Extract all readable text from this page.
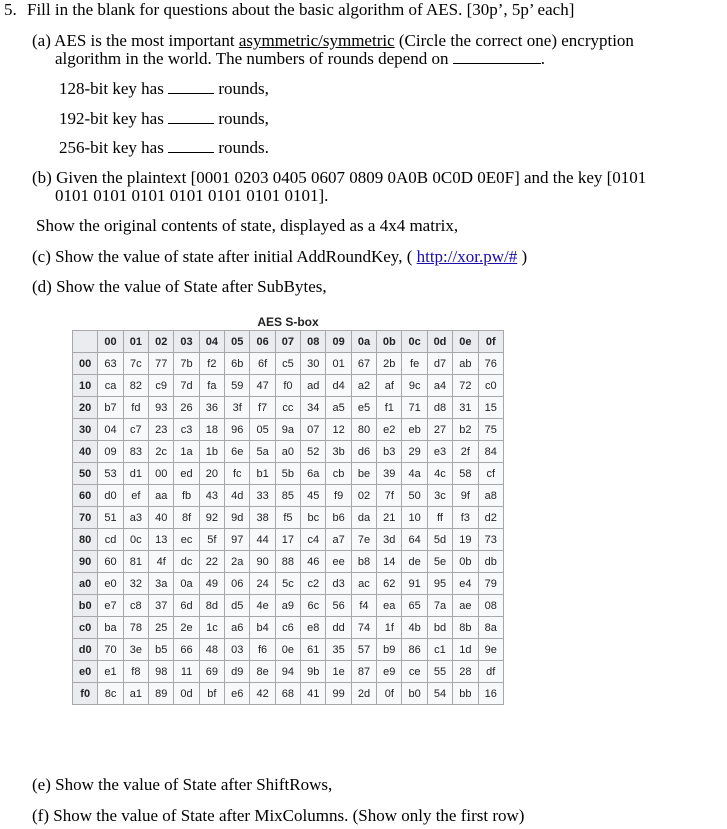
5. Fill in the blank for questions about the basic algorithm of AES. [30p’, 5p’ each]
(a) AES is the most important asymmetric/symmetric (Circle the correct one) encryption
algorithm in the world. The numbers of rounds depend on	.
128-bit key has	rounds,
192-bit key has	rounds,
256-bit key has	rounds.
(b) Given the plaintext [0001 0203 0405 0607 0809 0A0B 0C0D 0E0F] and the key [0101
0101 0101 0101 0101 0101 0101 0101].
Show the original contents of state, displayed as a 4x4 matrix,
(c) Show the value of state after initial AddRoundKey, ( http://xor.pw/# )
(d) Show the value of State after SubBytes,
AES S-box
	00	01	02	03	04	05	06	07	08	09	0a	0b	0c	0d	0e	0f
00	63	7c	77	7b	f2	6b	6f	c5	30	01	67	2b	fe	d7	ab	76
10	ca	82	c9	7d	fa	59	47	f0	ad	d4	a2	af	9c	a4	72	c0
20	b7	fd	93	26	36	3f	f7	cc	34	a5	e5	f1	71	d8	31	15
30	04	c7	23	c3	18	96	05	9a	07	12	80	e2	eb	27	b2	75
40	09	83	2c	1a	1b	6e	5a	a0	52	3b	d6	b3	29	e3	2f	84
50	53	d1	00	ed	20	fc	b1	5b	6a	cb	be	39	4a	4c	58	cf
60	d0	ef	aa	fb	43	4d	33	85	45	f9	02	7f	50	3c	9f	a8
70	51	a3	40	8f	92	9d	38	f5	bc	b6	da	21	10	ff	f3	d2
80	cd	0c	13	ec	5f	97	44	17	c4	a7	7e	3d	64	5d	19	73
90	60	81	4f	dc	22	2a	90	88	46	ee	b8	14	de	5e	0b	db
a0	e0	32	3a	0a	49	06	24	5c	c2	d3	ac	62	91	95	e4	79
b0	e7	c8	37	6d	8d	d5	4e	a9	6c	56	f4	ea	65	7a	ae	08
c0	ba	78	25	2e	1c	a6	b4	c6	e8	dd	74	1f	4b	bd	8b	8a
d0	70	3e	b5	66	48	03	f6	0e	61	35	57	b9	86	c1	1d	9e
e0	e1	f8	98	11	69	d9	8e	94	9b	1e	87	e9	ce	55	28	df
f0	8c	a1	89	0d	bf	e6	42	68	41	99	2d	0f	b0	54	bb	16
(e) Show the value of State after ShiftRows,
(f) Show the value of State after MixColumns. (Show only the first row)
